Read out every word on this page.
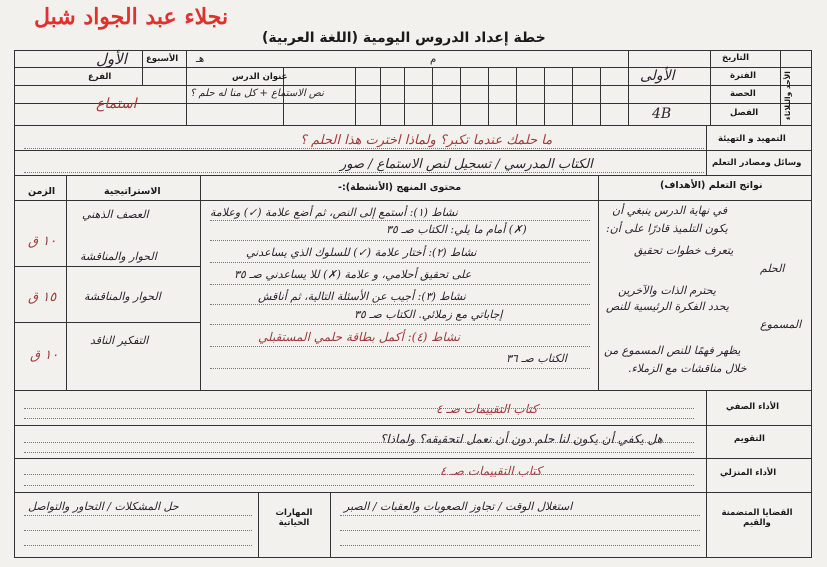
نجلاء عبد الجواد شبل
خطة إعداد الدروس اليومية (اللغة العربية)
الأحد والثلاثاء
التاريخ
الفترة
الأولى
الحصة
الفصل
4B
الأسبوع
الأول	هـ	م
عنوان الدرس
نص الاستماع + كل منا له حلم ؟
الفرع
استماع
التمهيد و التهيئة
ما حلمك عندما تكبر؟ ولماذا اخترت هذا الحلم ؟
وسائل ومصادر التعلم
الكتاب المدرسي / تسجيل لنص الاستماع / صور
نواتج التعلم (الأهداف)
محتوى المنهج (الأنشطة):-
الاستراتيجية
الزمن
في نهاية الدرس ينبغي أن
يكون التلميذ قادرًا على أن:
يتعرف خطوات تحقيق
الحلم
يحترم الذات والآخرين
يحدد الفكرة الرئيسية للنص
المسموع
يظهر فهمًا للنص المسموع من
خلال مناقشات مع الزملاء.
نشاط (١): أستمع إلى النص، ثم أضع علامة (✓) وعلامة
(✗) أمام ما يلي: الكتاب صـ ٣٥
نشاط (٢): أختار علامة (✓) للسلوك الذي يساعدني
على تحقيق أحلامي، و علامة (✗) للا يساعدني صـ ٣٥
نشاط (٣): أجيب عن الأسئلة التالية، ثم أناقش
إجاباتي مع زملائي. الكتاب صـ ٣٥
نشاط (٤): أكمل بطاقة حلمي المستقبلي
الكتاب صـ ٣٦
العصف الذهني
الحوار والمناقشة
الحوار والمناقشة
التفكير الناقد
١٠ ق
١٥ ق
١٠ ق
الأداء الصفي
كتاب التقييمات صـ ٤
التقويم
هل يكفي أن يكون لنا حلم دون أن نعمل لتحقيقه؟ ولماذا؟
الأداء المنزلي
كتاب التقييمات صـ ٤
القضايا المتضمنة والقيم
استغلال الوقت / تجاوز الصعوبات والعقبات / الصبر
المهارات الحياتية
حل المشكلات / التحاور والتواصل
